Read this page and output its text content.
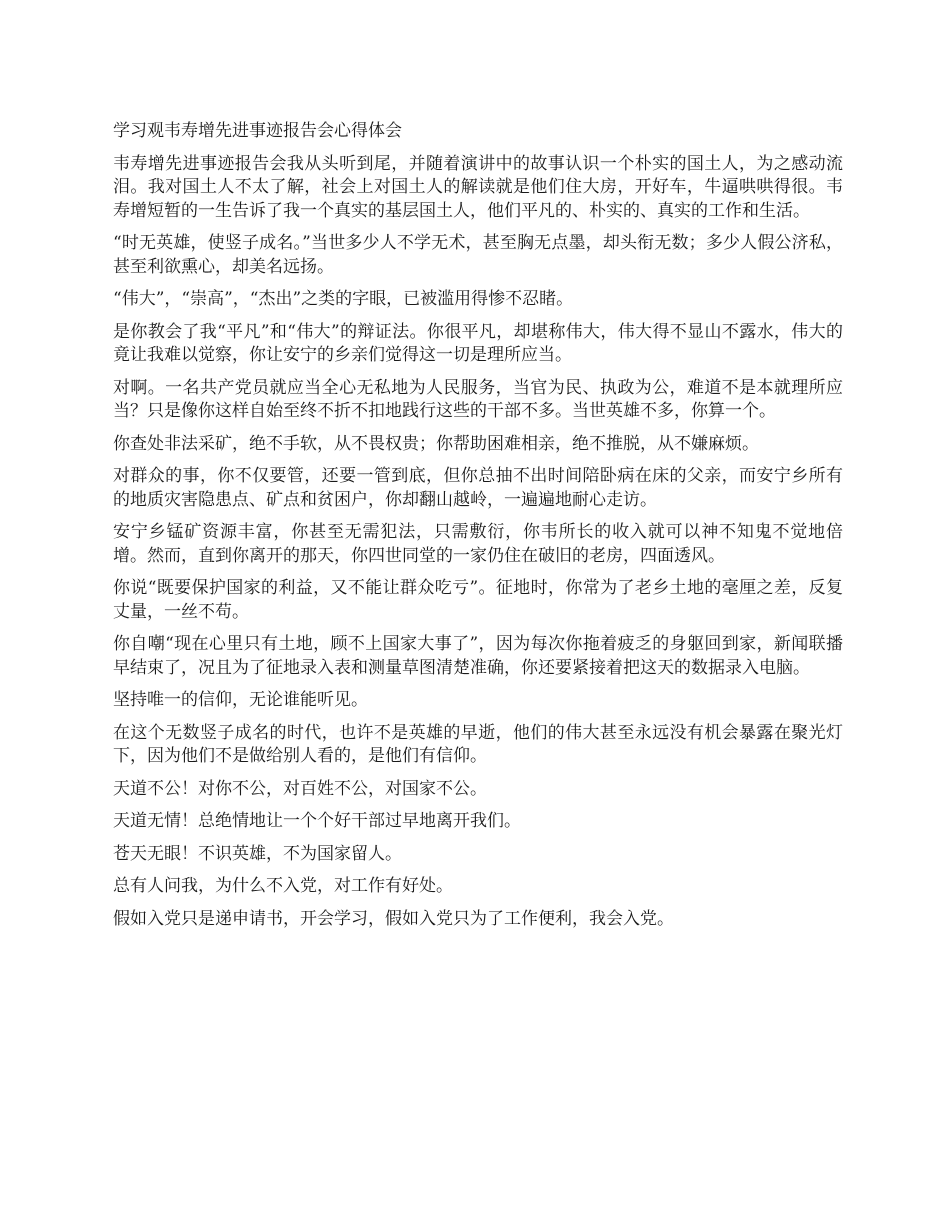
学习观韦寿增先进事迹报告会心得体会

韦寿增先进事迹报告会我从头听到尾，并随着演讲中的故事认识一个朴实的国土人，为之感动流泪。我对国土人不太了解，社会上对国土人的解读就是他们住大房，开好车，牛逼哄哄得很。韦寿增短暂的一生告诉了我一个真实的基层国土人，他们平凡的、朴实的、真实的工作和生活。

“时无英雄，使竖子成名。”当世多少人不学无术，甚至胸无点墨，却头衔无数；多少人假公济私，甚至利欲熏心，却美名远扬。

“伟大”，“崇高”，“杰出”之类的字眼，已被滥用得惨不忍睹。

是你教会了我“平凡”和“伟大”的辩证法。你很平凡，却堪称伟大，伟大得不显山不露水，伟大的竟让我难以觉察，你让安宁的乡亲们觉得这一切是理所应当。

对啊。一名共产党员就应当全心无私地为人民服务，当官为民、执政为公，难道不是本就理所应当？只是像你这样自始至终不折不扣地践行这些的干部不多。当世英雄不多，你算一个。

你查处非法采矿，绝不手软，从不畏权贵；你帮助困难相亲，绝不推脱，从不嫌麻烦。

对群众的事，你不仅要管，还要一管到底，但你总抽不出时间陪卧病在床的父亲，而安宁乡所有的地质灾害隐患点、矿点和贫困户，你却翻山越岭，一遍遍地耐心走访。

安宁乡锰矿资源丰富，你甚至无需犯法，只需敷衍，你韦所长的收入就可以神不知鬼不觉地倍增。然而，直到你离开的那天，你四世同堂的一家仍住在破旧的老房，四面透风。

你说“既要保护国家的利益，又不能让群众吃亏”。征地时，你常为了老乡土地的毫厘之差，反复丈量，一丝不苟。

你自嘲“现在心里只有土地，顾不上国家大事了”，因为每次你拖着疲乏的身躯回到家，新闻联播早结束了，况且为了征地录入表和测量草图清楚准确，你还要紧接着把这天的数据录入电脑。

坚持唯一的信仰，无论谁能听见。

在这个无数竖子成名的时代，也许不是英雄的早逝，他们的伟大甚至永远没有机会暴露在聚光灯下，因为他们不是做给别人看的，是他们有信仰。

天道不公！对你不公，对百姓不公，对国家不公。

天道无情！总绝情地让一个个好干部过早地离开我们。

苍天无眼！不识英雄，不为国家留人。

总有人问我，为什么不入党，对工作有好处。

假如入党只是递申请书，开会学习，假如入党只为了工作便利，我会入党。
